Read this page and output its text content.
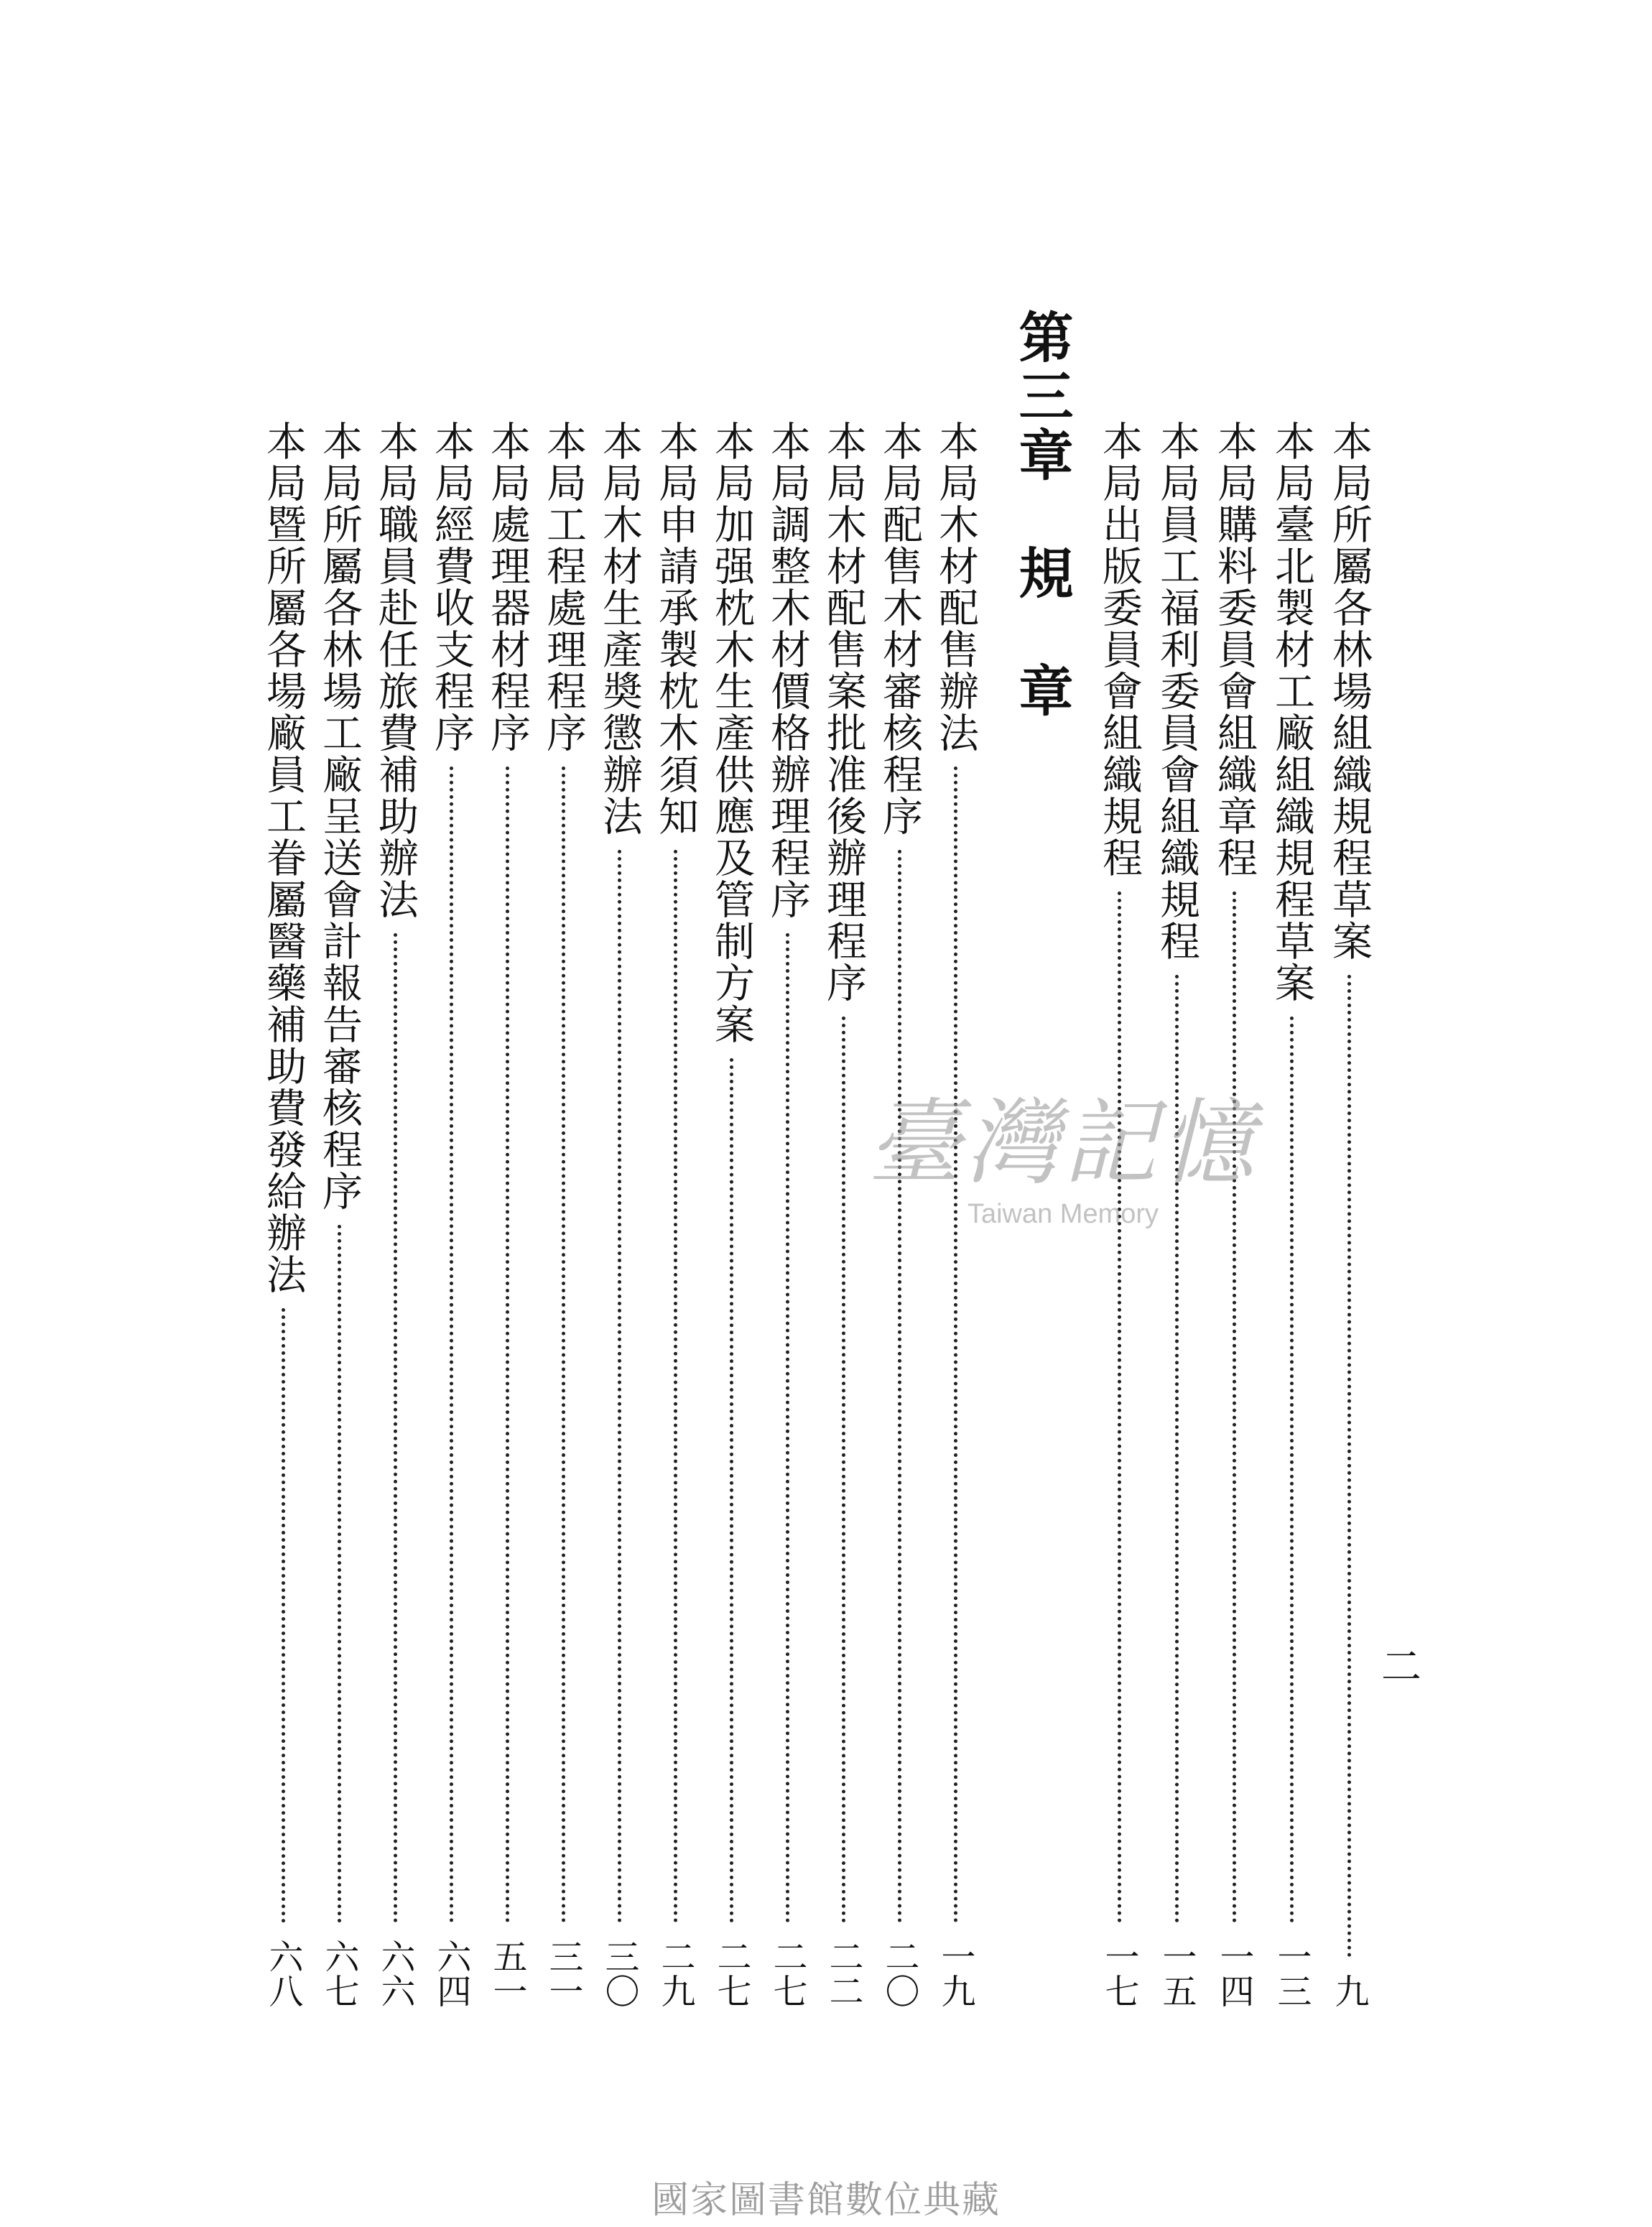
本局所屬各林場組織規程草案
九
本局臺北製材工廠組織規程草案
一三
本局購料委員會組織章程
一四
本局員工福利委員會組織規程
一五
本局出版委員會組織規程
一七
第三章　規　章
本局木材配售辦法
一九
本局配售木材審核程序
二〇
本局木材配售案批准後辦理程序
二二
本局調整木材價格辦理程序
二七
本局加强枕木生產供應及管制方案
二七
本局申請承製枕木須知
二九
本局木材生產奬懲辦法
三〇
本局工程處理程序
三一
本局處理器材程序
五一
本局經費收支程序
六四
本局職員赴任旅費補助辦法
六六
本局所屬各林場工廠呈送會計報告審核程序
六七
本局暨所屬各場廠員工眷屬醫藥補助費發給辦法
六八
二
臺灣記憶
Taiwan Memory
國家圖書館數位典藏
